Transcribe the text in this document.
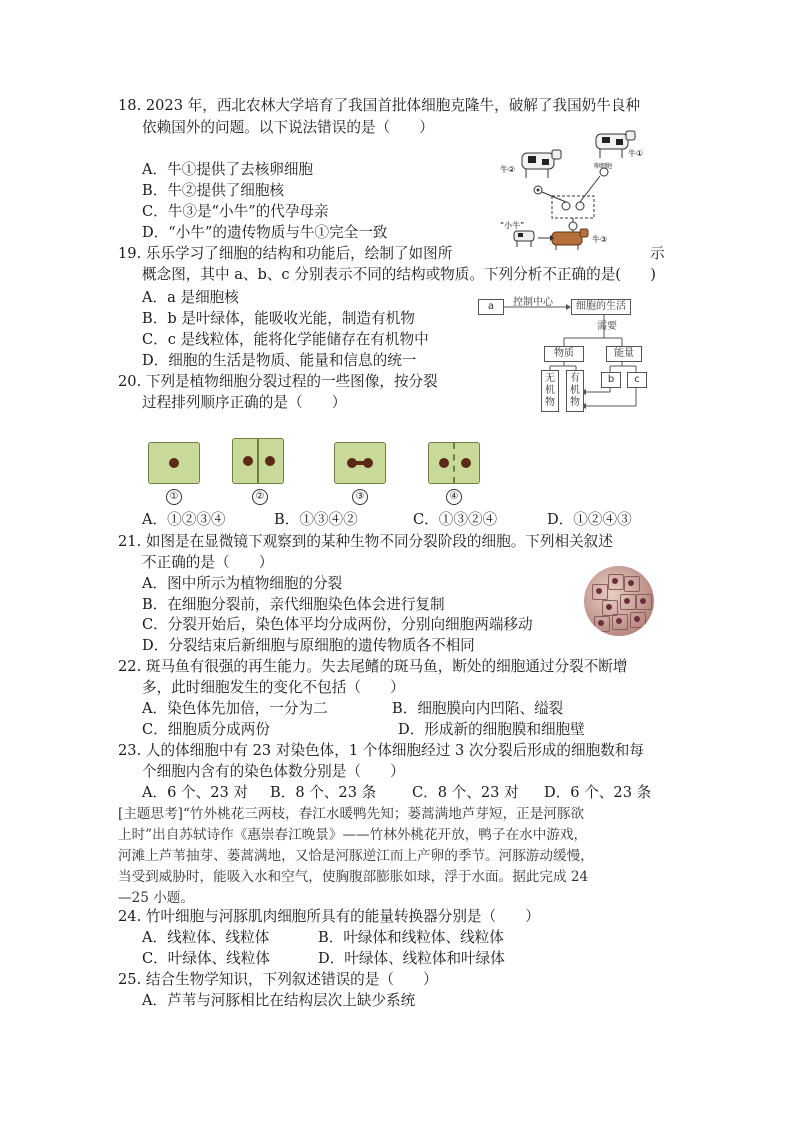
18. 2023 年，西北农林大学培育了我国首批体细胞克隆牛，破解了我国奶牛良种
依赖国外的问题。以下说法错误的是（　　）
A．牛①提供了去核卵细胞
B．牛②提供了细胞核
C．牛③是“小牛”的代孕母亲
D．“小牛”的遗传物质与牛①完全一致
牛②
牛①
卵细胞
“小牛”
牛③
19. 乐乐学习了细胞的结构和功能后，绘制了如图所	示
概念图，其中 a、b、c 分别表示不同的结构或物质。下列分析不正确的是(　　)
A．a 是细胞核
B．b 是叶绿体，能吸收光能，制造有机物
C．c 是线粒体，能将化学能储存在有机物中
D．细胞的生活是物质、能量和信息的统一
a	控制中心	细胞的生活
需要
物质	能量
无机物
有机物
b	c
20. 下列是植物细胞分裂过程的一些图像，按分裂
过程排列顺序正确的是（　　）
①	②	③	④
A．①②③④	B．①③④②	C．①③②④	D．①②④③
21. 如图是在显微镜下观察到的某种生物不同分裂阶段的细胞。下列相关叙述
不正确的是（　　）
A．图中所示为植物细胞的分裂
B．在细胞分裂前，亲代细胞染色体会进行复制
C．分裂开始后，染色体平均分成两份，分别向细胞两端移动
D．分裂结束后新细胞与原细胞的遗传物质各不相同
22. 斑马鱼有很强的再生能力。失去尾鳍的斑马鱼，断处的细胞通过分裂不断增
多，此时细胞发生的变化不包括（　　）
A．染色体先加倍，一分为二	B．细胞膜向内凹陷、缢裂
C．细胞质分成两份	D．形成新的细胞膜和细胞壁
23. 人的体细胞中有 23 对染色体，1 个体细胞经过 3 次分裂后形成的细胞数和每
个细胞内含有的染色体数分别是（　　）
A．6 个、23 对 B．8 个、23 条 C．8 个、23 对 D．6 个、23 条
[主题思考]“竹外桃花三两枝，春江水暖鸭先知；蒌蒿满地芦芽短，正是河豚欲
上时”出自苏轼诗作《惠崇春江晚景》——竹林外桃花开放，鸭子在水中游戏，
河滩上芦苇抽芽、蒌蒿满地，又恰是河豚逆江而上产卵的季节。河豚游动缓慢，
当受到威胁时，能吸入水和空气，使胸腹部膨胀如球，浮于水面。据此完成 24
—25 小题。
24. 竹叶细胞与河豚肌肉细胞所具有的能量转换器分别是（　　）
A．线粒体、线粒体	B．叶绿体和线粒体、线粒体
C．叶绿体、线粒体	D．叶绿体、线粒体和叶绿体
25. 结合生物学知识，下列叙述错误的是（　　）
A．芦苇与河豚相比在结构层次上缺少系统
